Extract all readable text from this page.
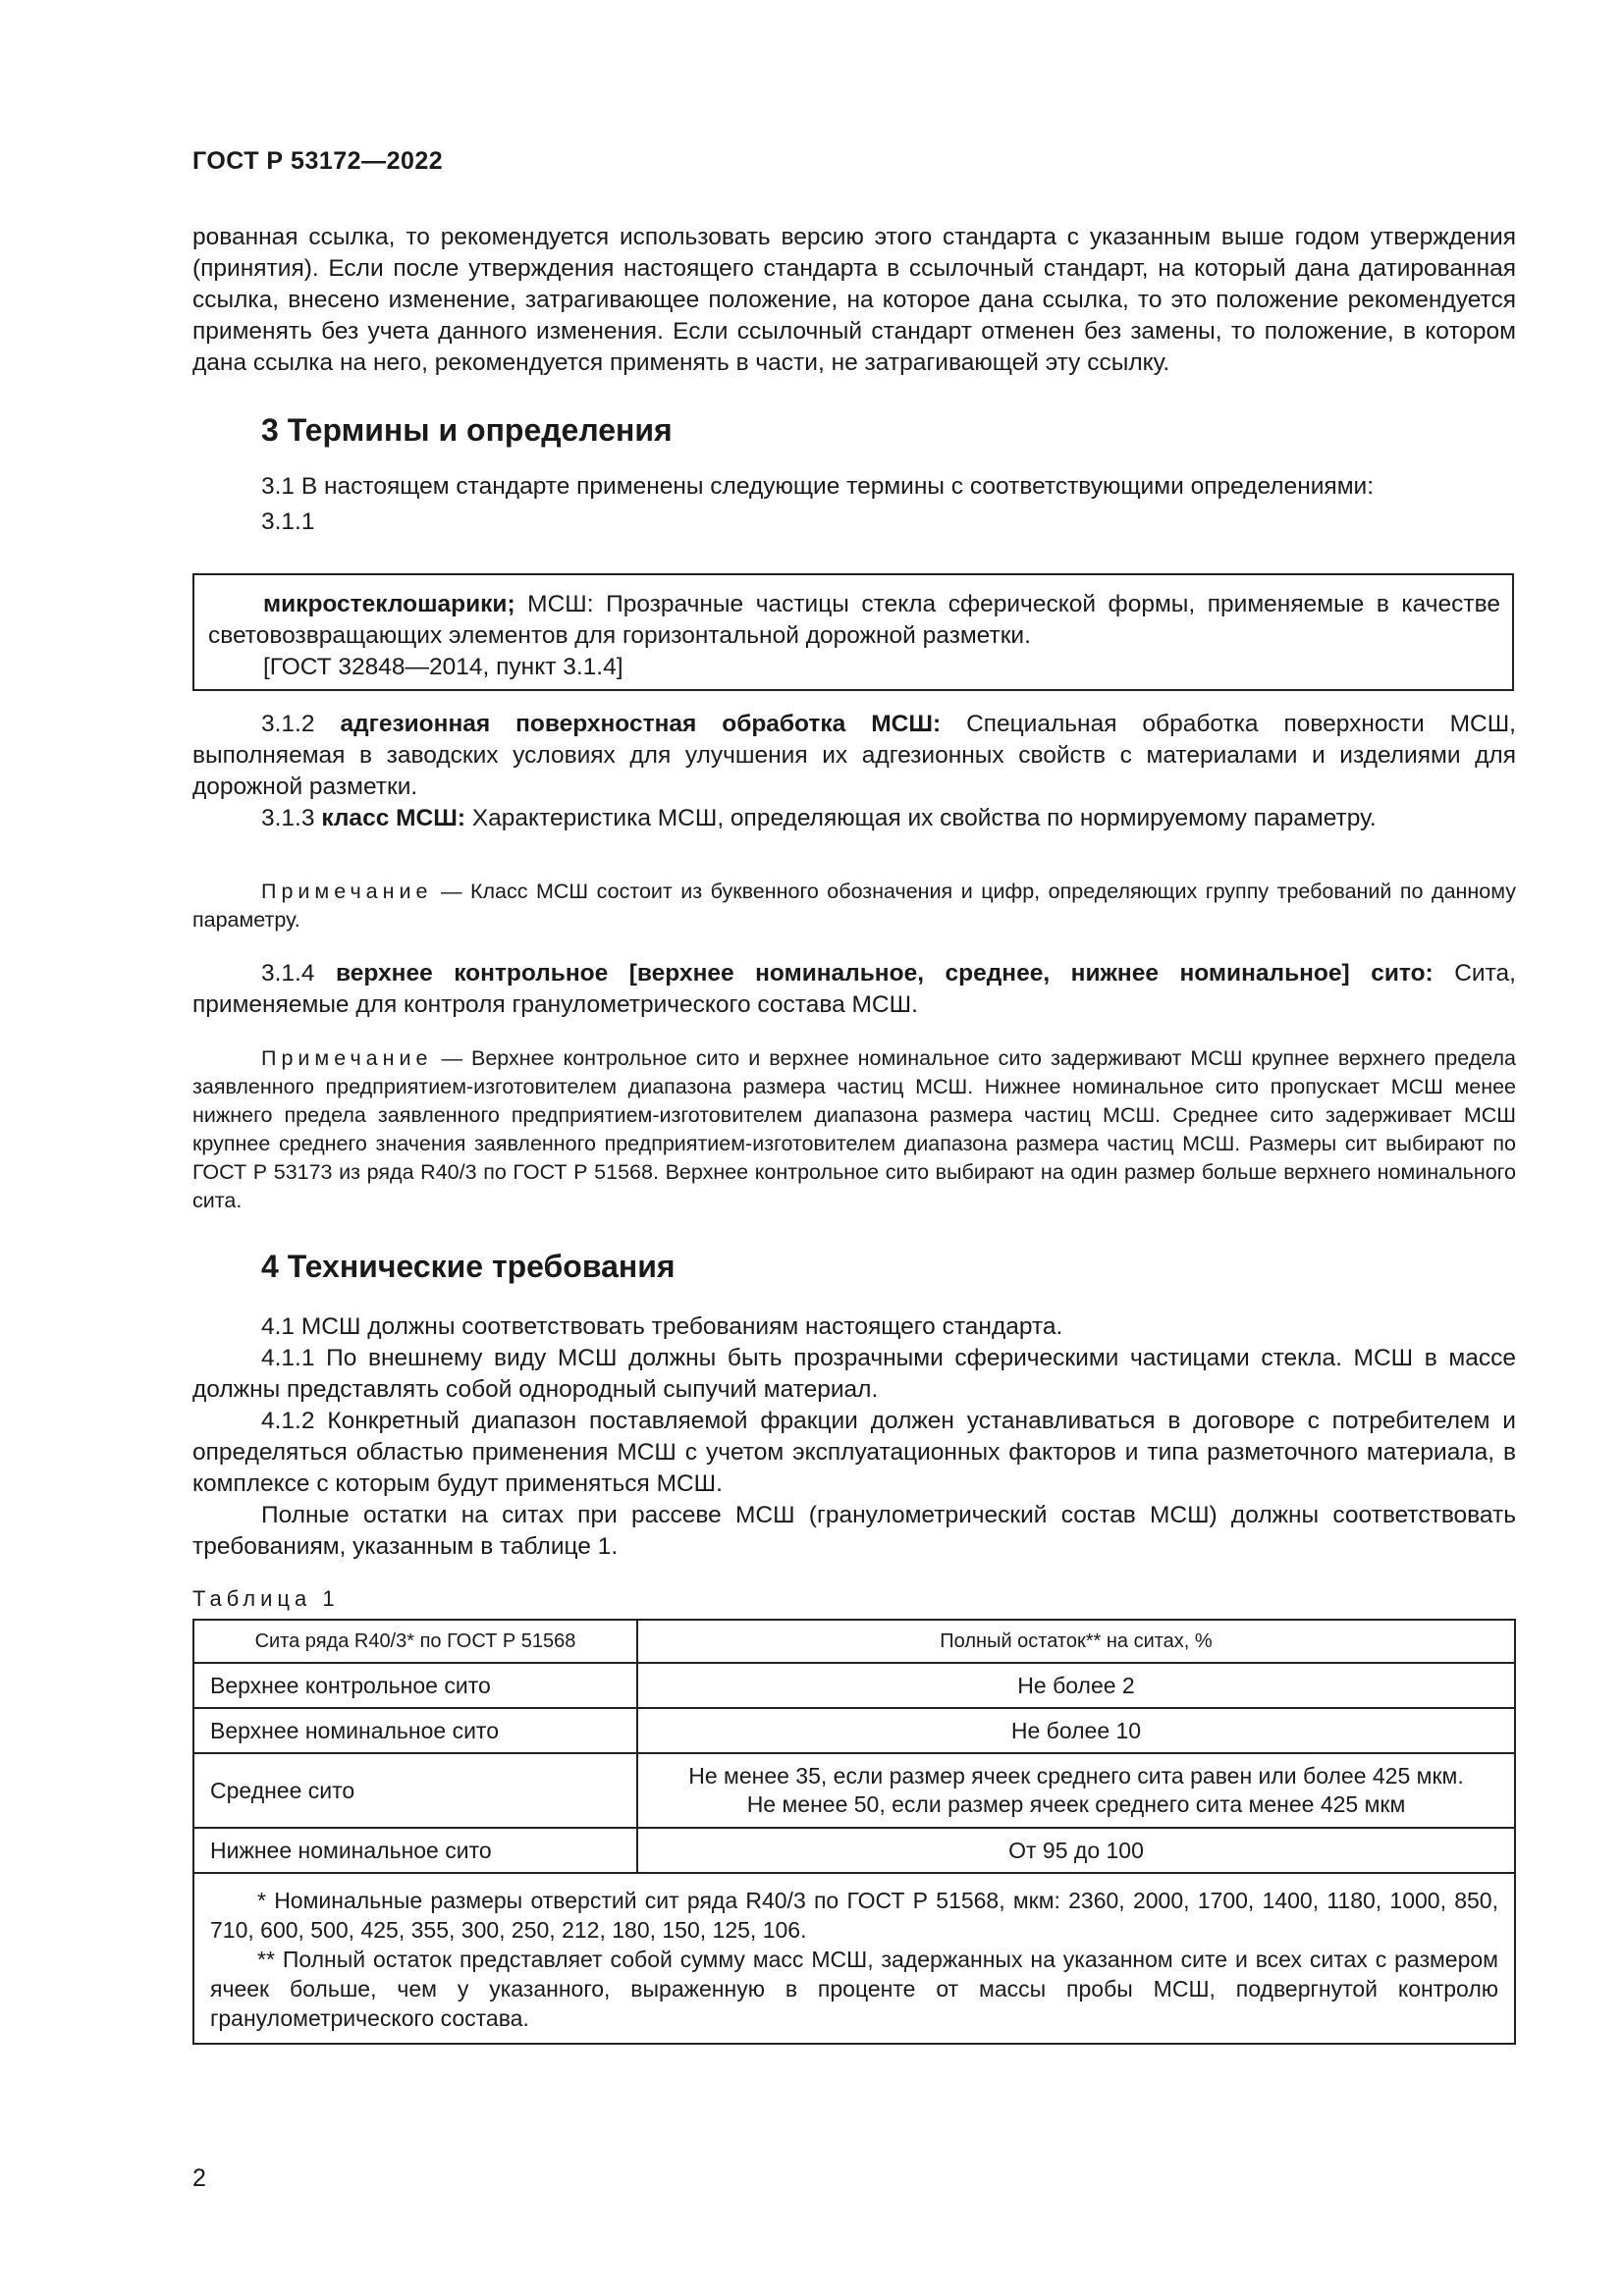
ГОСТ Р 53172—2022

рованная ссылка, то рекомендуется использовать версию этого стандарта с указанным выше годом утверждения (принятия). Если после утверждения настоящего стандарта в ссылочный стандарт, на который дана датированная ссылка, внесено изменение, затрагивающее положение, на которое дана ссылка, то это положение рекомендуется применять без учета данного изменения. Если ссылочный стандарт отменен без замены, то положение, в котором дана ссылка на него, рекомендуется применять в части, не затрагивающей эту ссылку.

3 Термины и определения

3.1 В настоящем стандарте применены следующие термины с соответствующими определениями:

3.1.1

микростеклошарики; МСШ: Прозрачные частицы стекла сферической формы, применяемые в качестве световозвращающих элементов для горизонтальной дорожной разметки.

[ГОСТ 32848—2014, пункт 3.1.4]

3.1.2 адгезионная поверхностная обработка МСШ: Специальная обработка поверхности МСШ, выполняемая в заводских условиях для улучшения их адгезионных свойств с материалами и изделиями для дорожной разметки.

3.1.3 класс МСШ: Характеристика МСШ, определяющая их свойства по нормируемому параметру.

Примечание — Класс МСШ состоит из буквенного обозначения и цифр, определяющих группу требований по данному параметру.

3.1.4 верхнее контрольное [верхнее номинальное, среднее, нижнее номинальное] сито: Сита, применяемые для контроля гранулометрического состава МСШ.

Примечание — Верхнее контрольное сито и верхнее номинальное сито задерживают МСШ крупнее верхнего предела заявленного предприятием-изготовителем диапазона размера частиц МСШ. Нижнее номинальное сито пропускает МСШ менее нижнего предела заявленного предприятием-изготовителем диапазона размера частиц МСШ. Среднее сито задерживает МСШ крупнее среднего значения заявленного предприятием-изготовителем диапазона размера частиц МСШ. Размеры сит выбирают по ГОСТ Р 53173 из ряда R40/3 по ГОСТ Р 51568. Верхнее контрольное сито выбирают на один размер больше верхнего номинального сита.
4 Технические требования

4.1 МСШ должны соответствовать требованиям настоящего стандарта.

4.1.1 По внешнему виду МСШ должны быть прозрачными сферическими частицами стекла. МСШ в массе должны представлять собой однородный сыпучий материал.

4.1.2 Конкретный диапазон поставляемой фракции должен устанавливаться в договоре с потребителем и определяться областью применения МСШ с учетом эксплуатационных факторов и типа разметочного материала, в комплексе с которым будут применяться МСШ.

Полные остатки на ситах при рассеве МСШ (гранулометрический состав МСШ) должны соответствовать требованиям, указанным в таблице 1.

Таблица 1
Сита ряда R40/3* по ГОСТ Р 51568	Полный остаток** на ситах, %
Верхнее контрольное сито	Не более 2
Верхнее номинальное сито	Не более 10
Среднее сито	Не менее 35, если размер ячеек среднего сита равен или более 425 мкм.
Не менее 50, если размер ячеек среднего сита менее 425 мкм

Нижнее номинальное сито	От 95 до 100

* Номинальные размеры отверстий сит ряда R40/3 по ГОСТ Р 51568, мкм: 2360, 2000, 1700, 1400, 1180, 1000, 850, 710, 600, 500, 425, 355, 300, 250, 212, 180, 150, 125, 106.

** Полный остаток представляет собой сумму масс МСШ, задержанных на указанном сите и всех ситах с размером ячеек больше, чем у указанного, выраженную в проценте от массы пробы МСШ, подвергнутой контролю гранулометрического состава.	

2
